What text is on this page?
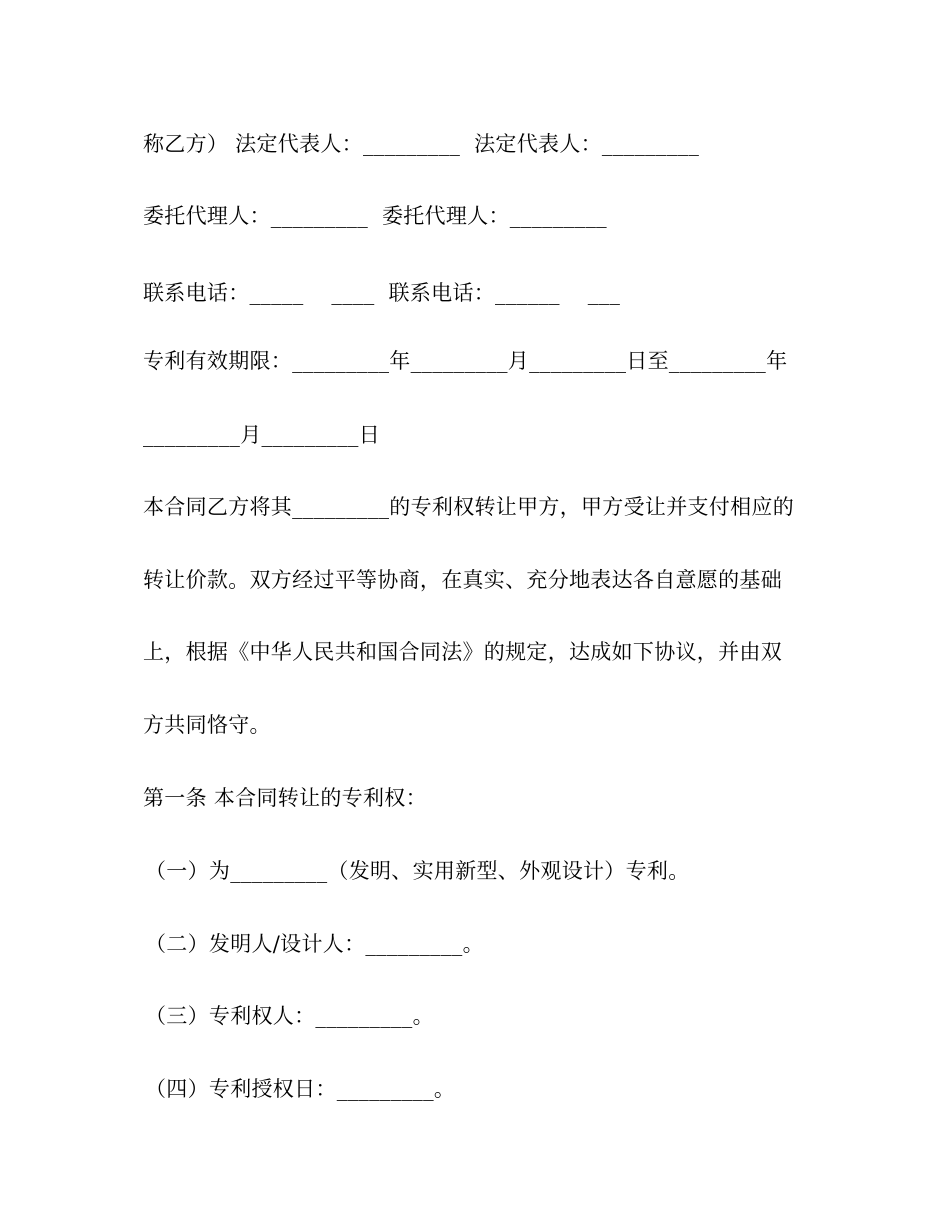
称乙方） 法定代表人：_________  法定代表人：_________
委托代理人：_________  委托代理人：_________
联系电话：_____    ____  联系电话：______    ___
专利有效期限：_________年_________月_________日至_________年
_________月_________日
本合同乙方将其_________的专利权转让甲方，甲方受让并支付相应的
转让价款。双方经过平等协商，在真实、充分地表达各自意愿的基础
上，根据《中华人民共和国合同法》的规定，达成如下协议，并由双
方共同恪守。
第一条 本合同转让的专利权：
（一）为_________（发明、实用新型、外观设计）专利。
（二）发明人/设计人：_________。
（三）专利权人：_________。
（四）专利授权日：_________。
